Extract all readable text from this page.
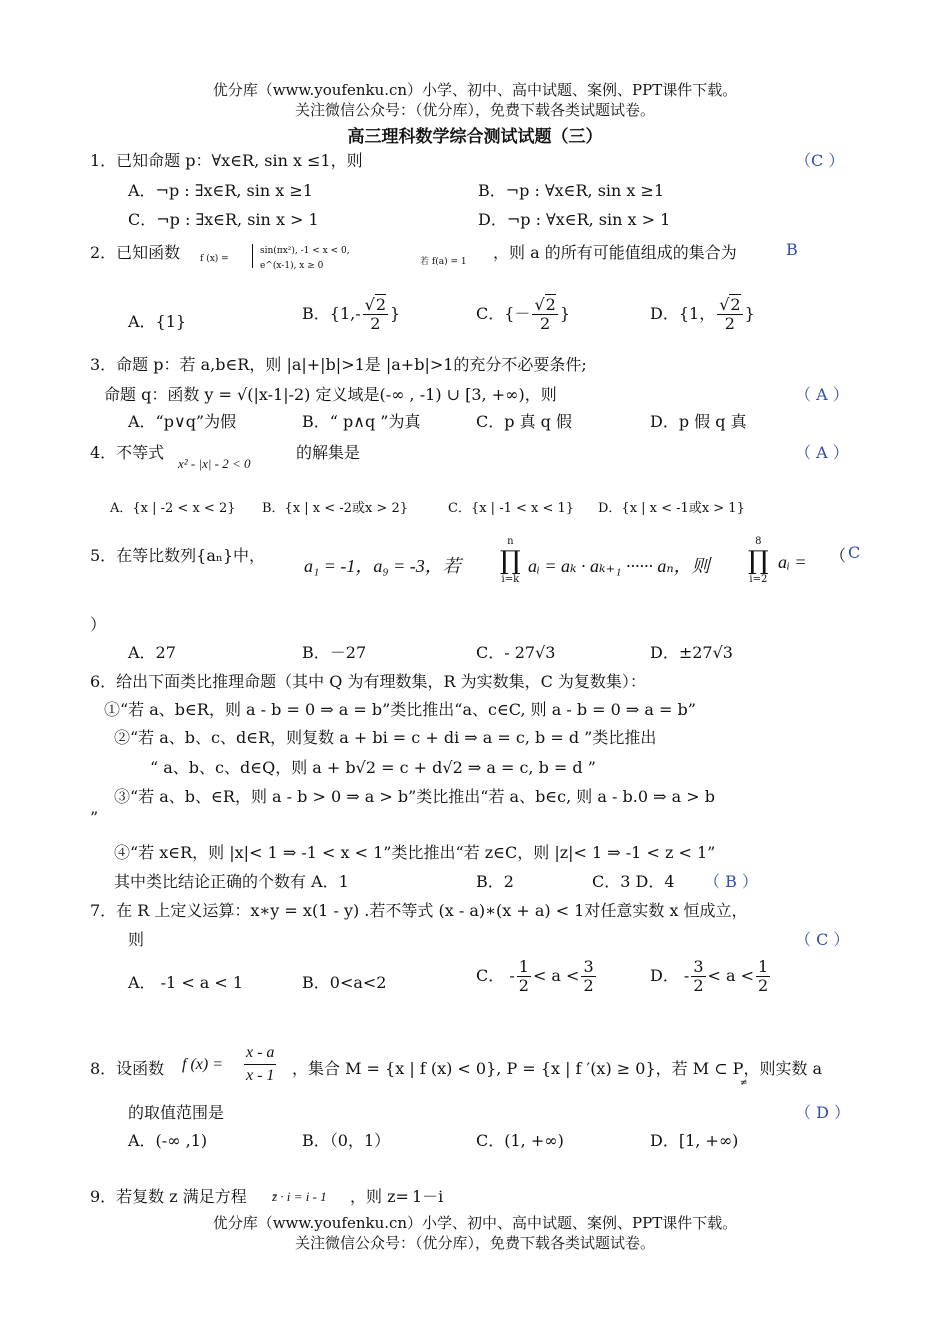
优分库（www.youfenku.cn）小学、初中、高中试题、案例、PPT课件下载。
关注微信公众号：（优分库），免费下载各类试题试卷。
高三理科数学综合测试试题（三）
1．已知命题 p：∀x∈R, sin x ≤1，则	（C ）
A．¬p : ∃x∈R, sin x ≥1	B．¬p : ∀x∈R, sin x ≥1
C．¬p : ∃x∈R, sin x > 1	D．¬p : ∀x∈R, sin x > 1
2．已知函数 f (x) =
sin(πx²), -1 < x < 0,
e^(x-1), x ≥ 0	若 f(a) = 1 ，则 a 的所有可能值组成的集合为	B
A．{1}	B．{$1,- \frac{√2}{2}$ }	C．{－ $\frac{√2}{2}$ }	D．{1， $\frac{√2}{2}$ }
3．命题 p：若 a,b∈R，则 |a|+|b|>1是 |a+b|>1的充分不必要条件;
命题 q：函数 y = √(|x-1|-2) 定义域是(-∞ , -1) ∪ [3, +∞)，则	（ A ）
A．“p∨q”为假	B．“ p∧q ”为真	C．p 真 q 假	D．p 假 q 真
4．不等式
x² - |x| - 2 < 0
的解集是	（ A ）
A．{x | -2 < x < 2} B．{x | x < -2或x > 2}	C．{x | -1 < x < 1} D．{x | x < -1或x > 1}
5．在等比数列{aₙ}中，
a₁ = -1，a₉ = -3，若
n
∏
i=k
aᵢ = aₖ · aₖ₊₁ ······ aₙ，则
8
∏
i=2
aᵢ = （ C
）
A．27	B．－27	C．- 27√3	D．±27√3
6．给出下面类比推理命题（其中 Q 为有理数集，R 为实数集，C 为复数集）：
①“若 a、b∈R，则 a - b = 0 ⇒ a = b”类比推出“a、c∈C, 则 a - b = 0 ⇒ a = b”
②“若 a、b、c、d∈R，则复数 a + bi = c + di ⇒ a = c, b = d ”类比推出
“ a、b、c、d∈Q，则 a + b√2 = c + d√2 ⇒ a = c, b = d ”
③“若 a、b、∈R，则 a - b > 0 ⇒ a > b”类比推出“若 a、b∈c, 则 a - b.0 ⇒ a > b
”
④“若 x∈R，则 |x|< 1 ⇒ -1 < x < 1”类比推出“若 z∈C，则 |z|< 1 ⇒ -1 < z < 1”
其中类比结论正确的个数有 A．1	B．2	C．3 D．4 （ B ）
7．在 R 上定义运算：x∗y = x(1 - y) .若不等式 (x - a)∗(x + a) < 1对任意实数 x 恒成立，
则	（ C ）
A． -1 < a < 1	B．0<a<2	C． - $\frac{1}{2} < a < \frac{3}{2}$	D． - $\frac{3}{2} < a < \frac{1}{2}$
8．设函数 f $(x) = \frac{x - a}{x - 1}$ ，集合 M = {x | f (x) < 0}, P = {x | f ′(x) ≥ 0}，若 M ⊂ P，则实数 a
≠
的取值范围是	（ D ）
A．(-∞ ,1)	B．（0，1）	C．(1, +∞)	D．[1, +∞)
9．若复数 z 满足方程 z̄ · i = i - 1 ，则 z= 1－i
优分库（www.youfenku.cn）小学、初中、高中试题、案例、PPT课件下载。
关注微信公众号：（优分库），免费下载各类试题试卷。
